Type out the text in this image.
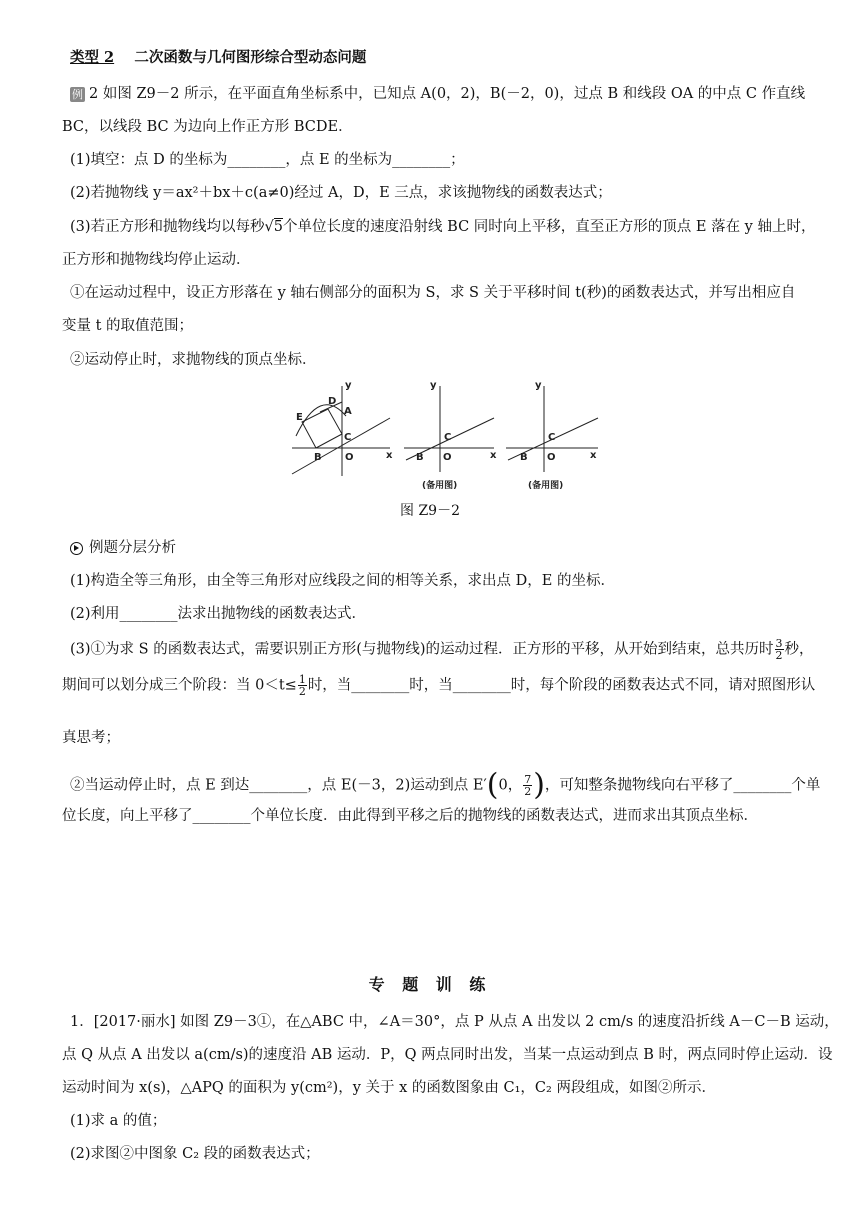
类型 2 二次函数与几何图形综合型动态问题
例 2 如图 Z9－2 所示，在平面直角坐标系中，已知点 A(0，2)，B(－2，0)，过点 B 和线段 OA 的中点 C 作直线
BC，以线段 BC 为边向上作正方形 BCDE．
(1)填空：点 D 的坐标为________，点 E 的坐标为________；
(2)若抛物线 y＝ax²＋bx＋c(a≠0)经过 A，D，E 三点，求该抛物线的函数表达式；
(3)若正方形和抛物线均以每秒√5个单位长度的速度沿射线 BC 同时向上平移，直至正方形的顶点 E 落在 y 轴上时，
正方形和抛物线均停止运动．
①在运动过程中，设正方形落在 y 轴右侧部分的面积为 S，求 S 关于平移时间 t(秒)的函数表达式，并写出相应自
变量 t 的取值范围；
②运动停止时，求抛物线的顶点坐标．
y
E
D
A
C
B O	x
y
C
B O	x
(备用图)
y
C
B O	x
(备用图)
图 Z9－2
例题分层分析
(1)构造全等三角形，由全等三角形对应线段之间的相等关系，求出点 D，E 的坐标．
(2)利用________法求出抛物线的函数表达式．
(3)①为求 S 的函数表达式，需要识别正方形(与抛物线)的运动过程．正方形的平移，从开始到结束，总共历时 $\frac{3}{2}$ 秒，
期间可以划分成三个阶段：当 $0<t\le \frac{1}{2}$ 时，当________时，当________时，每个阶段的函数表达式不同，请对照图形认
真思考；
②当运动停止时，点 E 到达________，点 E(－3，2)运动到点 E′(0， $\frac{7}{2}$ )，可知整条抛物线向右平移了________个单
位长度，向上平移了________个单位长度．由此得到平移之后的抛物线的函数表达式，进而求出其顶点坐标．
专 题 训 练
1．[2017·丽水] 如图 Z9－3①，在△ABC 中，∠A＝30°，点 P 从点 A 出发以 2 cm/s 的速度沿折线 A－C－B 运动，
点 Q 从点 A 出发以 a(cm/s)的速度沿 AB 运动．P，Q 两点同时出发，当某一点运动到点 B 时，两点同时停止运动．设
运动时间为 x(s)，△APQ 的面积为 y(cm²)，y 关于 x 的函数图象由 C₁，C₂ 两段组成，如图②所示．
(1)求 a 的值；
(2)求图②中图象 C₂ 段的函数表达式；
